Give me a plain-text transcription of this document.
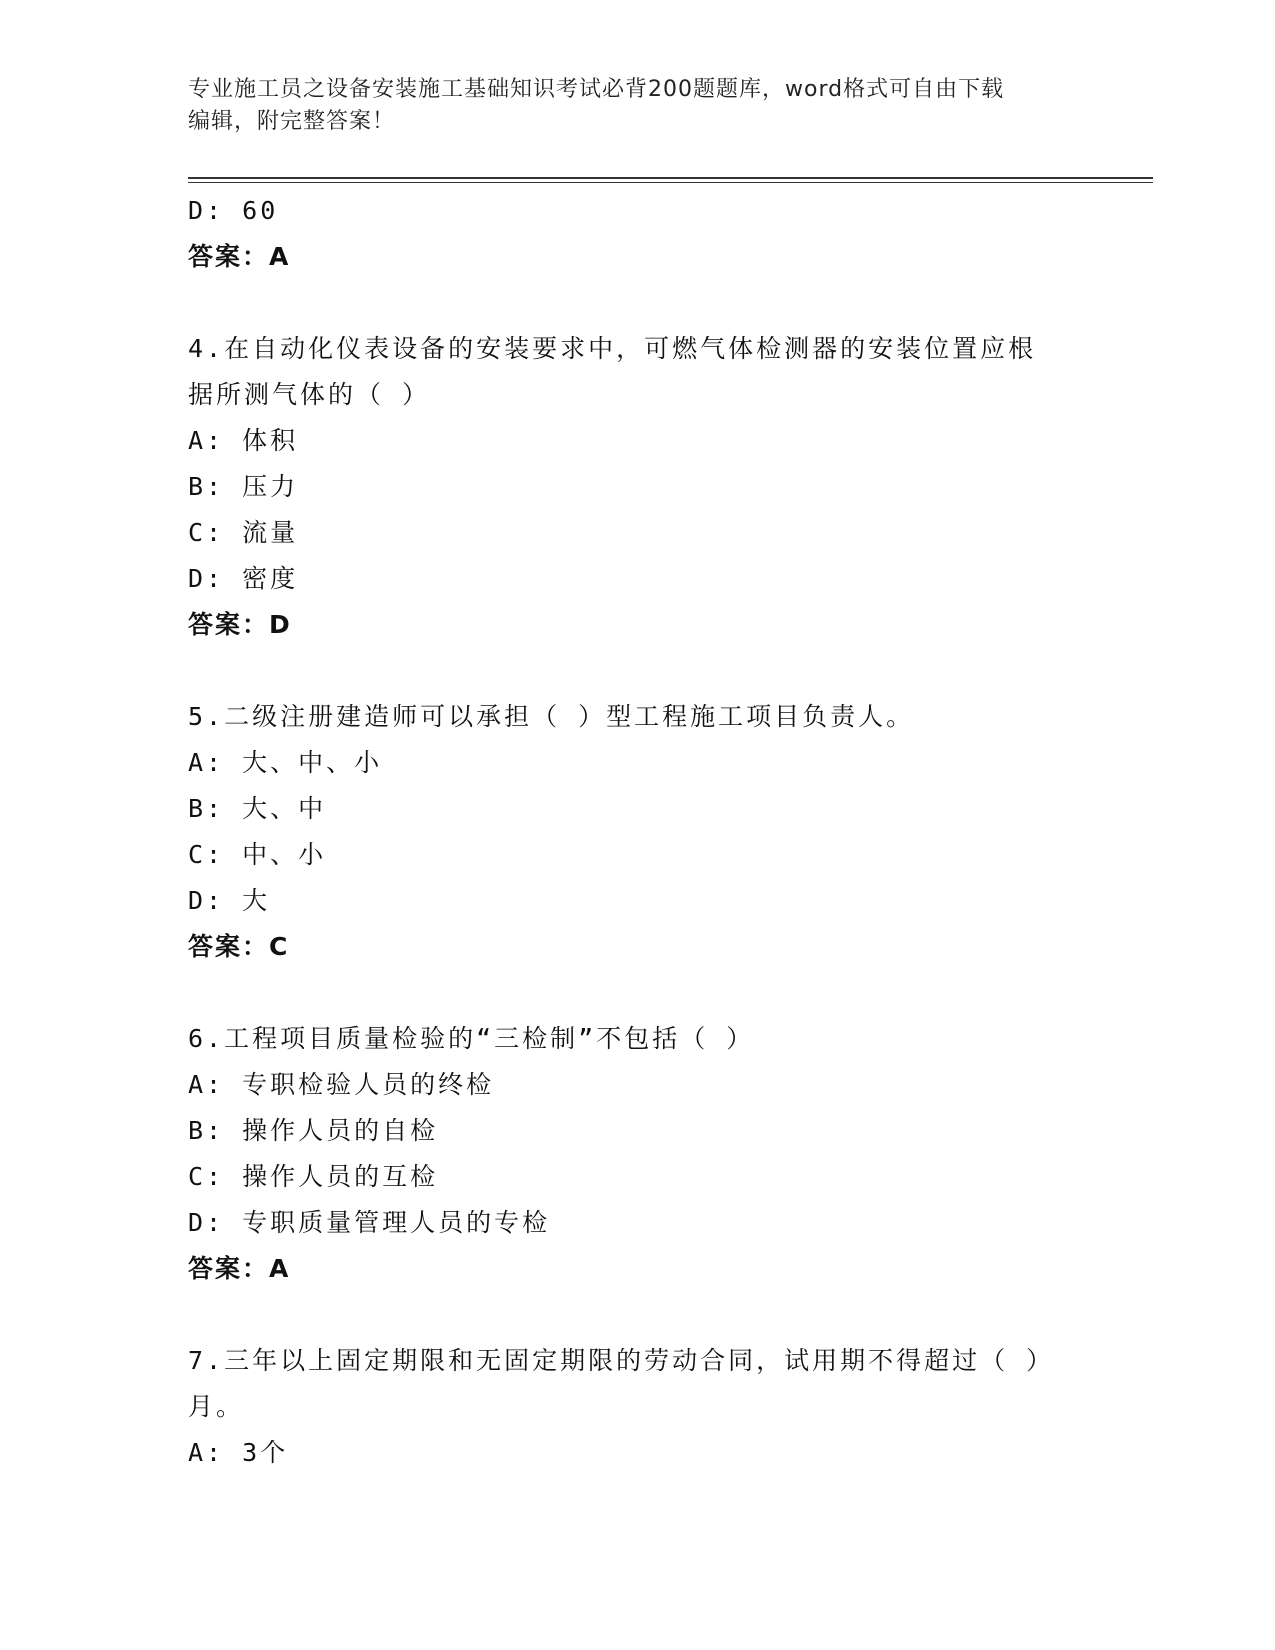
专业施工员之设备安装施工基础知识考试必背200题题库，word格式可自由下载
编辑，附完整答案！
D: 60
答案：A
4.在自动化仪表设备的安装要求中，可燃气体检测器的安装位置应根
据所测气体的（ ）
A: 体积
B: 压力
C: 流量
D: 密度
答案：D
5.二级注册建造师可以承担（ ）型工程施工项目负责人。
A: 大、中、小
B: 大、中
C: 中、小
D: 大
答案：C
6.工程项目质量检验的“三检制”不包括（ ）
A: 专职检验人员的终检
B: 操作人员的自检
C: 操作人员的互检
D: 专职质量管理人员的专检
答案：A
7.三年以上固定期限和无固定期限的劳动合同，试用期不得超过（ ）
月。
A: 3个
